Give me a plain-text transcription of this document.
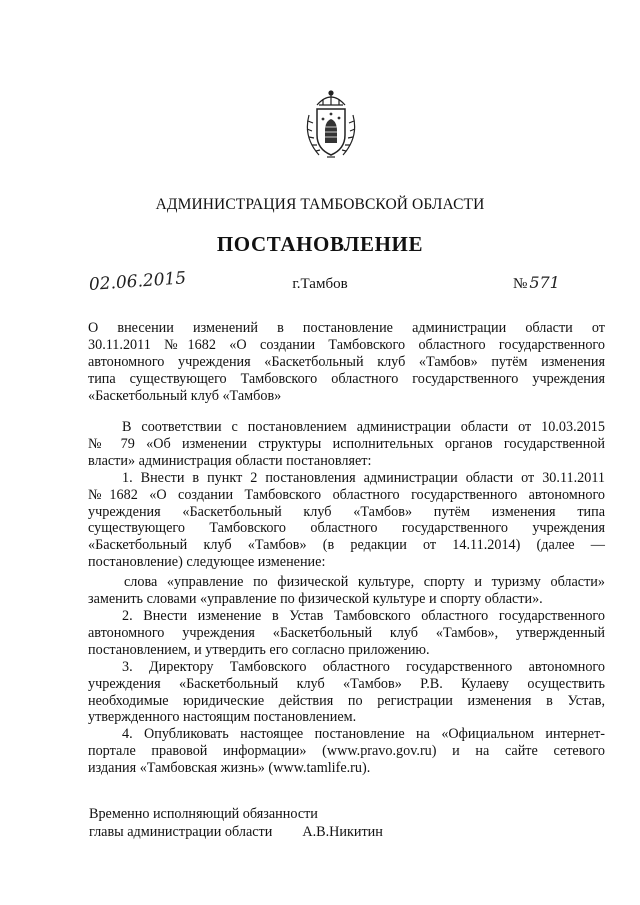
АДМИНИСТРАЦИЯ ТАМБОВСКОЙ ОБЛАСТИ
ПОСТАНОВЛЕНИЕ
02.06.2015	г.Тамбов	№ 571
О внесении изменений в постановление администрации области от
30.11.2011 №1682 «О создании Тамбовского областного государственного
автономного учреждения «Баскетбольный клуб «Тамбов» путём изменения
типа существующего Тамбовского областного государственного учреждения
«Баскетбольный клуб «Тамбов»
В соответствии с постановлением администрации области от 10.03.2015
№ 79 «Об изменении структуры исполнительных органов государственной
власти» администрация области постановляет:
1. Внести в пункт 2 постановления администрации области от 30.11.2011
№1682 «О создании Тамбовского областного государственного автономного
учреждения «Баскетбольный клуб «Тамбов» путём изменения типа
существующего Тамбовского областного государственного учреждения
«Баскетбольный клуб «Тамбов» (в редакции от 14.11.2014) (далее —
постановление) следующее изменение:
слова «управление по физической культуре, спорту и туризму области»
заменить словами «управление по физической культуре и спорту области».
2. Внести изменение в Устав Тамбовского областного государственного
автономного учреждения «Баскетбольный клуб «Тамбов», утвержденный
постановлением, и утвердить его согласно приложению.
3. Директору Тамбовского областного государственного автономного
учреждения «Баскетбольный клуб «Тамбов» Р.В. Кулаеву осуществить
необходимые юридические действия по регистрации изменения в Устав,
утвержденного настоящим постановлением.
4. Опубликовать настоящее постановление на «Официальном интернет-
портале правовой информации» (www.pravo.gov.ru) и на сайте сетевого
издания «Тамбовская жизнь» (www.tamlife.ru).
Временно исполняющий обязанности
главы администрации области А.В.Никитин
